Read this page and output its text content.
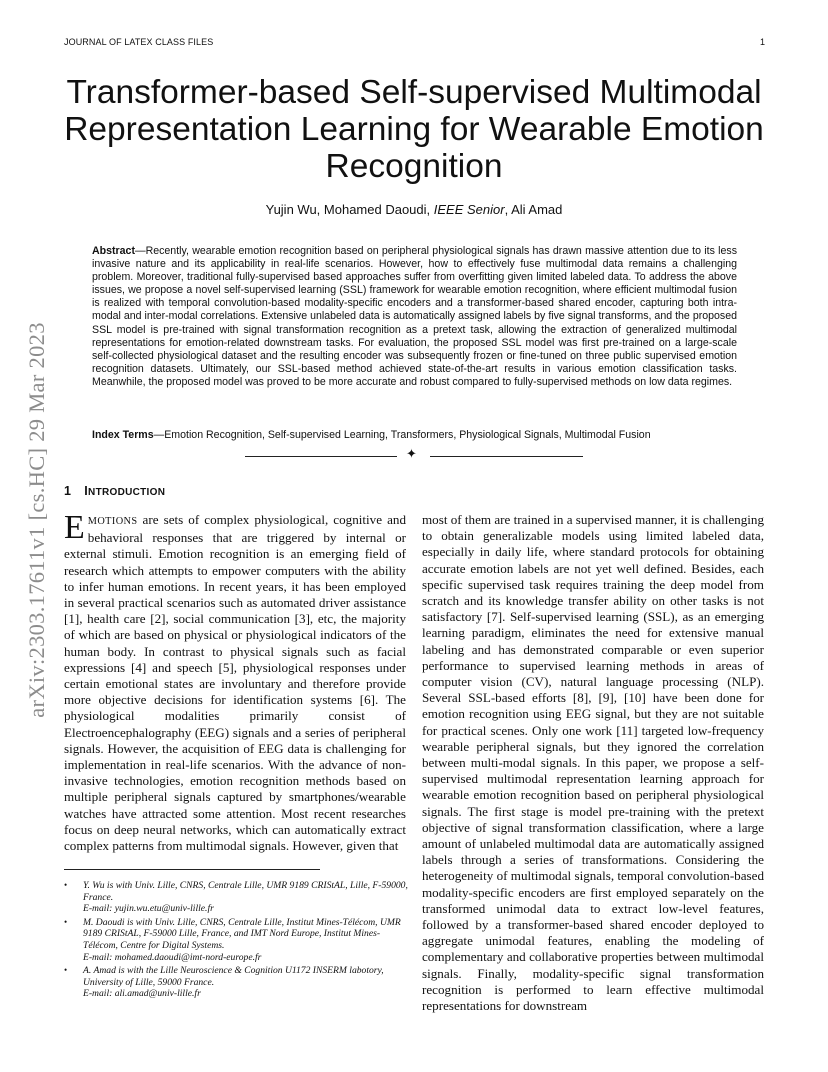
JOURNAL OF LATEX CLASS FILES	1
arXiv:2303.17611v1 [cs.HC] 29 Mar 2023
Transformer-based Self-supervised Multimodal Representation Learning for Wearable Emotion Recognition
Yujin Wu, Mohamed Daoudi, IEEE Senior, Ali Amad
Abstract—Recently, wearable emotion recognition based on peripheral physiological signals has drawn massive attention due to its less invasive nature and its applicability in real-life scenarios. However, how to effectively fuse multimodal data remains a challenging problem. Moreover, traditional fully-supervised based approaches suffer from overfitting given limited labeled data. To address the above issues, we propose a novel self-supervised learning (SSL) framework for wearable emotion recognition, where efficient multimodal fusion is realized with temporal convolution-based modality-specific encoders and a transformer-based shared encoder, capturing both intra-modal and inter-modal correlations. Extensive unlabeled data is automatically assigned labels by five signal transforms, and the proposed SSL model is pre-trained with signal transformation recognition as a pretext task, allowing the extraction of generalized multimodal representations for emotion-related downstream tasks. For evaluation, the proposed SSL model was first pre-trained on a large-scale self-collected physiological dataset and the resulting encoder was subsequently frozen or fine-tuned on three public supervised emotion recognition datasets. Ultimately, our SSL-based method achieved state-of-the-art results in various emotion classification tasks. Meanwhile, the proposed model was proved to be more accurate and robust compared to fully-supervised methods on low data regimes.
Index Terms—Emotion Recognition, Self-supervised Learning, Transformers, Physiological Signals, Multimodal Fusion
✦
1 INTRODUCTION
EMOTIONS are sets of complex physiological, cognitive and behavioral responses that are triggered by internal or external stimuli. Emotion recognition is an emerging field of research which attempts to empower computers with the ability to infer human emotions. In recent years, it has been employed in several practical scenarios such as automated driver assistance [1], health care [2], social communication [3], etc, the majority of which are based on physical or physiological indicators of the human body. In contrast to physical signals such as facial expressions [4] and speech [5], physiological responses under certain emotional states are involuntary and therefore provide more objective decisions for identification systems [6]. The physiological modalities primarily consist of Electroencephalography (EEG) signals and a series of peripheral signals. However, the acquisition of EEG data is challenging for implementation in real-life scenarios. With the advance of non-invasive technologies, emotion recognition methods based on multiple peripheral signals captured by smartphones/wearable watches have attracted some attention. Most recent researches focus on deep neural networks, which can automatically extract complex patterns from multimodal signals. However, given that
most of them are trained in a supervised manner, it is challenging to obtain generalizable models using limited labeled data, especially in daily life, where standard protocols for obtaining accurate emotion labels are not yet well defined. Besides, each specific supervised task requires training the deep model from scratch and its knowledge transfer ability on other tasks is not satisfactory [7]. Self-supervised learning (SSL), as an emerging learning paradigm, eliminates the need for extensive manual labeling and has demonstrated comparable or even superior performance to supervised learning methods in areas of computer vision (CV), natural language processing (NLP). Several SSL-based efforts [8], [9], [10] have been done for emotion recognition using EEG signal, but they are not suitable for practical scenes. Only one work [11] targeted low-frequency wearable peripheral signals, but they ignored the correlation between multi-modal signals. In this paper, we propose a self-supervised multimodal representation learning approach for wearable emotion recognition based on peripheral physiological signals. The first stage is model pre-training with the pretext objective of signal transformation classification, where a large amount of unlabeled multimodal data are automatically assigned labels through a series of transformations. Considering the heterogeneity of multimodal signals, temporal convolution-based modality-specific encoders are first employed separately on the transformed unimodal data to extract low-level features, followed by a transformer-based shared encoder deployed to aggregate unimodal features, enabling the modeling of complementary and collaborative properties between multimodal signals. Finally, modality-specific signal transformation recognition is performed to learn effective multimodal representations for downstream
• Y. Wu is with Univ. Lille, CNRS, Centrale Lille, UMR 9189 CRIStAL, Lille, F-59000, France.
E-mail: yujin.wu.etu@univ-lille.fr
• M. Daoudi is with Univ. Lille, CNRS, Centrale Lille, Institut Mines-Télécom, UMR 9189 CRIStAL, F-59000 Lille, France, and IMT Nord Europe, Institut Mines-Télécom, Centre for Digital Systems.
E-mail: mohamed.daoudi@imt-nord-europe.fr
• A. Amad is with the Lille Neuroscience & Cognition U1172 INSERM labotory, University of Lille, 59000 France.
E-mail: ali.amad@univ-lille.fr
